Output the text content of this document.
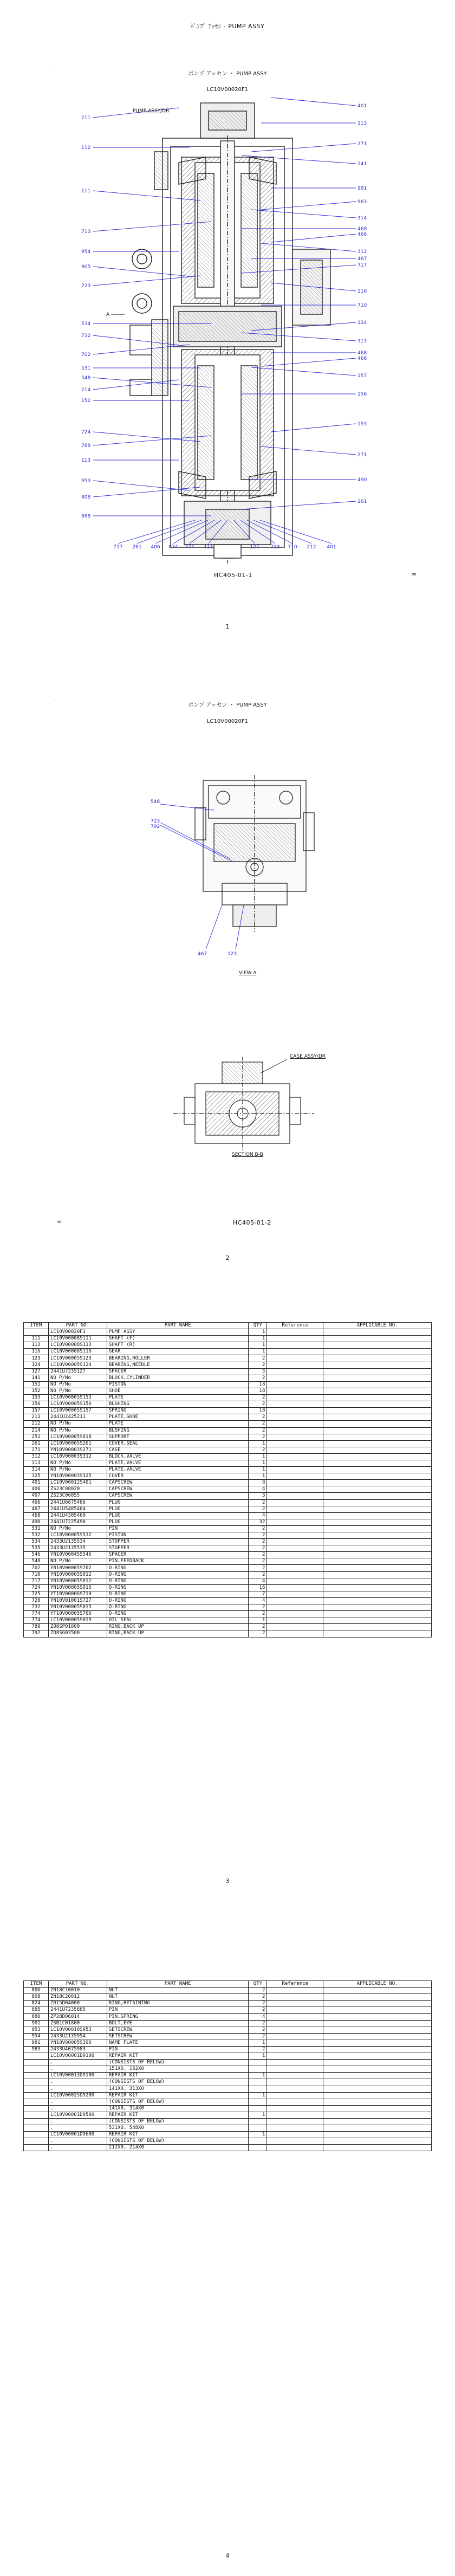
ﾎﾟﾝﾌﾟ ｱｯｾﾝ - PUMP ASSY
'
ポンプ アッセン ・ PUMP ASSY
LC10V00020F1
211
112
111
713
954
905
723
534
732
702
531
548
214
152
724
788
113
953
808
888
401
113
271
141
981
963
314
468
466
312
467
717
116
710
124
313
468
466
157
156
153
271
490
261
717 261 406 874 774 111	127 723 710 212 401
PUMP ASSY/DR
A
HC405-01-1	∞
1
'
ポンプ アッセン ・ PUMP ASSY
LC10V00020F1
546
723
792
467	123
VIEW A
CASE ASSY/DR
SECTION B-B
∞	HC405-01-2
2
ITEM	PART NO.	PART NAME	QTY	Reference	APPLICABLE NO.
	LC10V00020F1	PUMP ASSY	1		
111	LC10V00008S111	SHAFT (F)	1		
113	LC10V00008S113	SHAFT (R)	1		
116	LC10V00008S116	GEAR	1		
123	LC10V00005S123	BEARING,ROLLER	2		
124	LC10V00005S124	BEARING,NEEDLE	2		
127	2441U7235127	SPACER	3		
141	NO P/No	BLOCK,CYLINDER	2		
151	NO P/No	PISTON	18		
152	NO P/No	SHOE	18		
153	LC10V00005S153	PLATE	2		
156	LC10V00005S156	BUSHING	2		
157	LC10V00005S157	SPRING	18		
211	2441U2425211	PLATE,SHOE	2		
212	NO P/No	PLATE	2		
214	NO P/No	BUSHING	2		
251	LC10V00005S018	SUPPORT	2		
261	LC10V00005S261	COVER,SEAL	1		
271	YN10V00003S271	CASE	2		
312	LC10V00003S312	BLOCK,VALVE	1		
313	NO P/No	PLATE,VALVE	1		
314	NO P/No	PLATE,VALVE	1		
325	YN10V00003S325	COVER	1		
401	LC10V00012S401	CAPSCREW	8		
406	ZS23C08020	CAPSCREW	4		
407	ZS23C06055	CAPSCREW	3		
466	2441U6675466	PLUG	2		
467	2441U5485464	PLUG	2		
468	2441U4305469	PLUG	4		
490	2441U7225490	PLUG	32		
531	NO P/No	PIN	2		
532	LC10V00005S532	PISTON	2		
534	2433U2135534	STOPPER	2		
535	2433U2135535	STOPPER	2		
546	YN10V00045S546	SPACER	2		
548	NO P/No	PIN,FEEDBACK	2		
702	YN10V00005S702	O-RING	2		
710	YN10V00005S012	O-RING	2		
717	YN10V00005S012	O-RING	4		
724	YN10V00005S015	O-RING	16		
725	YT10V00006S710	O-RING	7		
728	YN10V01001S727	O-RING	4		
732	YN10V00005S015	O-RING	2		
774	YT10V00005S706	O-RING	2		
774	LC10V00005S019	OIL SEAL	1		
789	ZO8SP01800	RING,BACK UP	2		
792	ZO8SG03500	RING,BACK UP	2		
3
ITEM	PART NO.	PART NAME	QTY	Reference	APPLICABLE NO.
806	ZN18C10010	NUT	2		
808	ZN18C20012	NUT	2		
824	ZR15D04000	RING,RETAINING	2		
885	2441U7235885	PIN	2		
886	ZP28D06014	PIN,SPRING	4		
901	ZSB1C01800	BOLT,EYE	2		
953	LC10V00010S953	SETSCREW	2		
954	2433U2135954	SETSCREW	2		
981	YN10V00005S390	NAME PLATE	1		
983	2433U4075983	PIN	2		
	LC10V00001D9100	REPAIR KIT	1		
	.	(CONSISTS OF BELOW)			
	.	151X0, 152X0			
	LC10V00013D9100	REPAIR KIT	1		
	.	(CONSISTS OF BELOW)			
	.	141X0, 313X0			
	LC10V00025D9200	REPAIR KIT	1		
	.	(CONSISTS OF BELOW)			
	.	141X0, 314X0			
	LC10V00001D9500	REPAIR KIT	1		
	.	(CONSISTS OF BELOW)			
	.	531X0, 548X0			
	LC10V00001D9600	REPAIR KIT	1		
	.	(CONSISTS OF BELOW)			
	.	212X0, 214X0			
4
